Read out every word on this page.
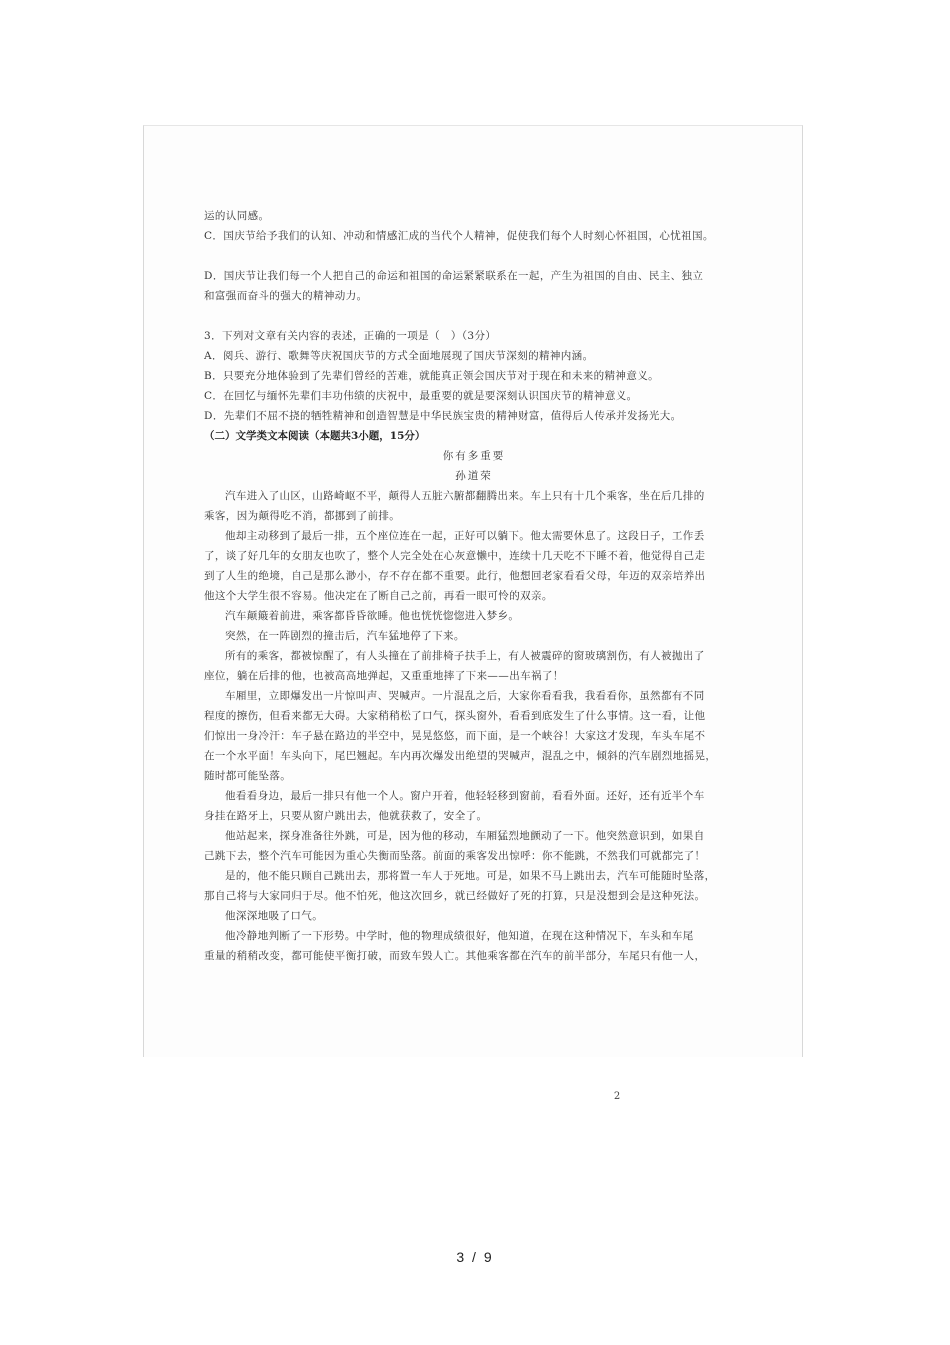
运的认同感。
C．国庆节给予我们的认知、冲动和情感汇成的当代个人精神，促使我们每个人时刻心怀祖国，心忧祖国。
D．国庆节让我们每一个人把自己的命运和祖国的命运紧紧联系在一起，产生为祖国的自由、民主、独立
和富强而奋斗的强大的精神动力。
3．下列对文章有关内容的表述，正确的一项是（　）（3分）
A．阅兵、游行、歌舞等庆祝国庆节的方式全面地展现了国庆节深刻的精神内涵。
B．只要充分地体验到了先辈们曾经的苦难，就能真正领会国庆节对于现在和未来的精神意义。
C．在回忆与缅怀先辈们丰功伟绩的庆祝中，最重要的就是要深刻认识国庆节的精神意义。
D．先辈们不屈不挠的牺牲精神和创造智慧是中华民族宝贵的精神财富，值得后人传承并发扬光大。
（二）文学类文本阅读（本题共3小题，15分）
你有多重要
孙道荣
汽车进入了山区，山路崎岖不平，颠得人五脏六腑都翻腾出来。车上只有十几个乘客，坐在后几排的
乘客，因为颠得吃不消，都挪到了前排。
他却主动移到了最后一排，五个座位连在一起，正好可以躺下。他太需要休息了。这段日子，工作丢
了，谈了好几年的女朋友也吹了，整个人完全处在心灰意懒中，连续十几天吃不下睡不着，他觉得自己走
到了人生的绝境，自己是那么渺小，存不存在都不重要。此行，他想回老家看看父母，年迈的双亲培养出
他这个大学生很不容易。他决定在了断自己之前，再看一眼可怜的双亲。
汽车颠簸着前进，乘客都昏昏欲睡。他也恍恍惚惚进入梦乡。
突然，在一阵剧烈的撞击后，汽车猛地停了下来。
所有的乘客，都被惊醒了，有人头撞在了前排椅子扶手上，有人被震碎的窗玻璃割伤，有人被抛出了
座位，躺在后排的他，也被高高地弹起，又重重地摔了下来——出车祸了！
车厢里，立即爆发出一片惊叫声、哭喊声。一片混乱之后，大家你看看我，我看看你，虽然都有不同
程度的擦伤，但看来都无大碍。大家稍稍松了口气，探头窗外，看看到底发生了什么事情。这一看，让他
们惊出一身冷汗：车子悬在路边的半空中，晃晃悠悠，而下面，是一个峡谷！大家这才发现，车头车尾不
在一个水平面！车头向下，尾巴翘起。车内再次爆发出绝望的哭喊声，混乱之中，倾斜的汽车剧烈地摇晃，
随时都可能坠落。
他看看身边，最后一排只有他一个人。窗户开着，他轻轻移到窗前，看看外面。还好，还有近半个车
身挂在路牙上，只要从窗户跳出去，他就获救了，安全了。
他站起来，探身准备往外跳，可是，因为他的移动，车厢猛烈地颤动了一下。他突然意识到，如果自
己跳下去，整个汽车可能因为重心失衡而坠落。前面的乘客发出惊呼：你不能跳，不然我们可就都完了！
是的，他不能只顾自己跳出去，那将置一车人于死地。可是，如果不马上跳出去，汽车可能随时坠落，
那自己将与大家同归于尽。他不怕死，他这次回乡，就已经做好了死的打算，只是没想到会是这种死法。
他深深地吸了口气。
他冷静地判断了一下形势。中学时，他的物理成绩很好，他知道，在现在这种情况下，车头和车尾
重量的稍稍改变，都可能使平衡打破，而致车毁人亡。其他乘客都在汽车的前半部分，车尾只有他一人，
2
3 / 9
